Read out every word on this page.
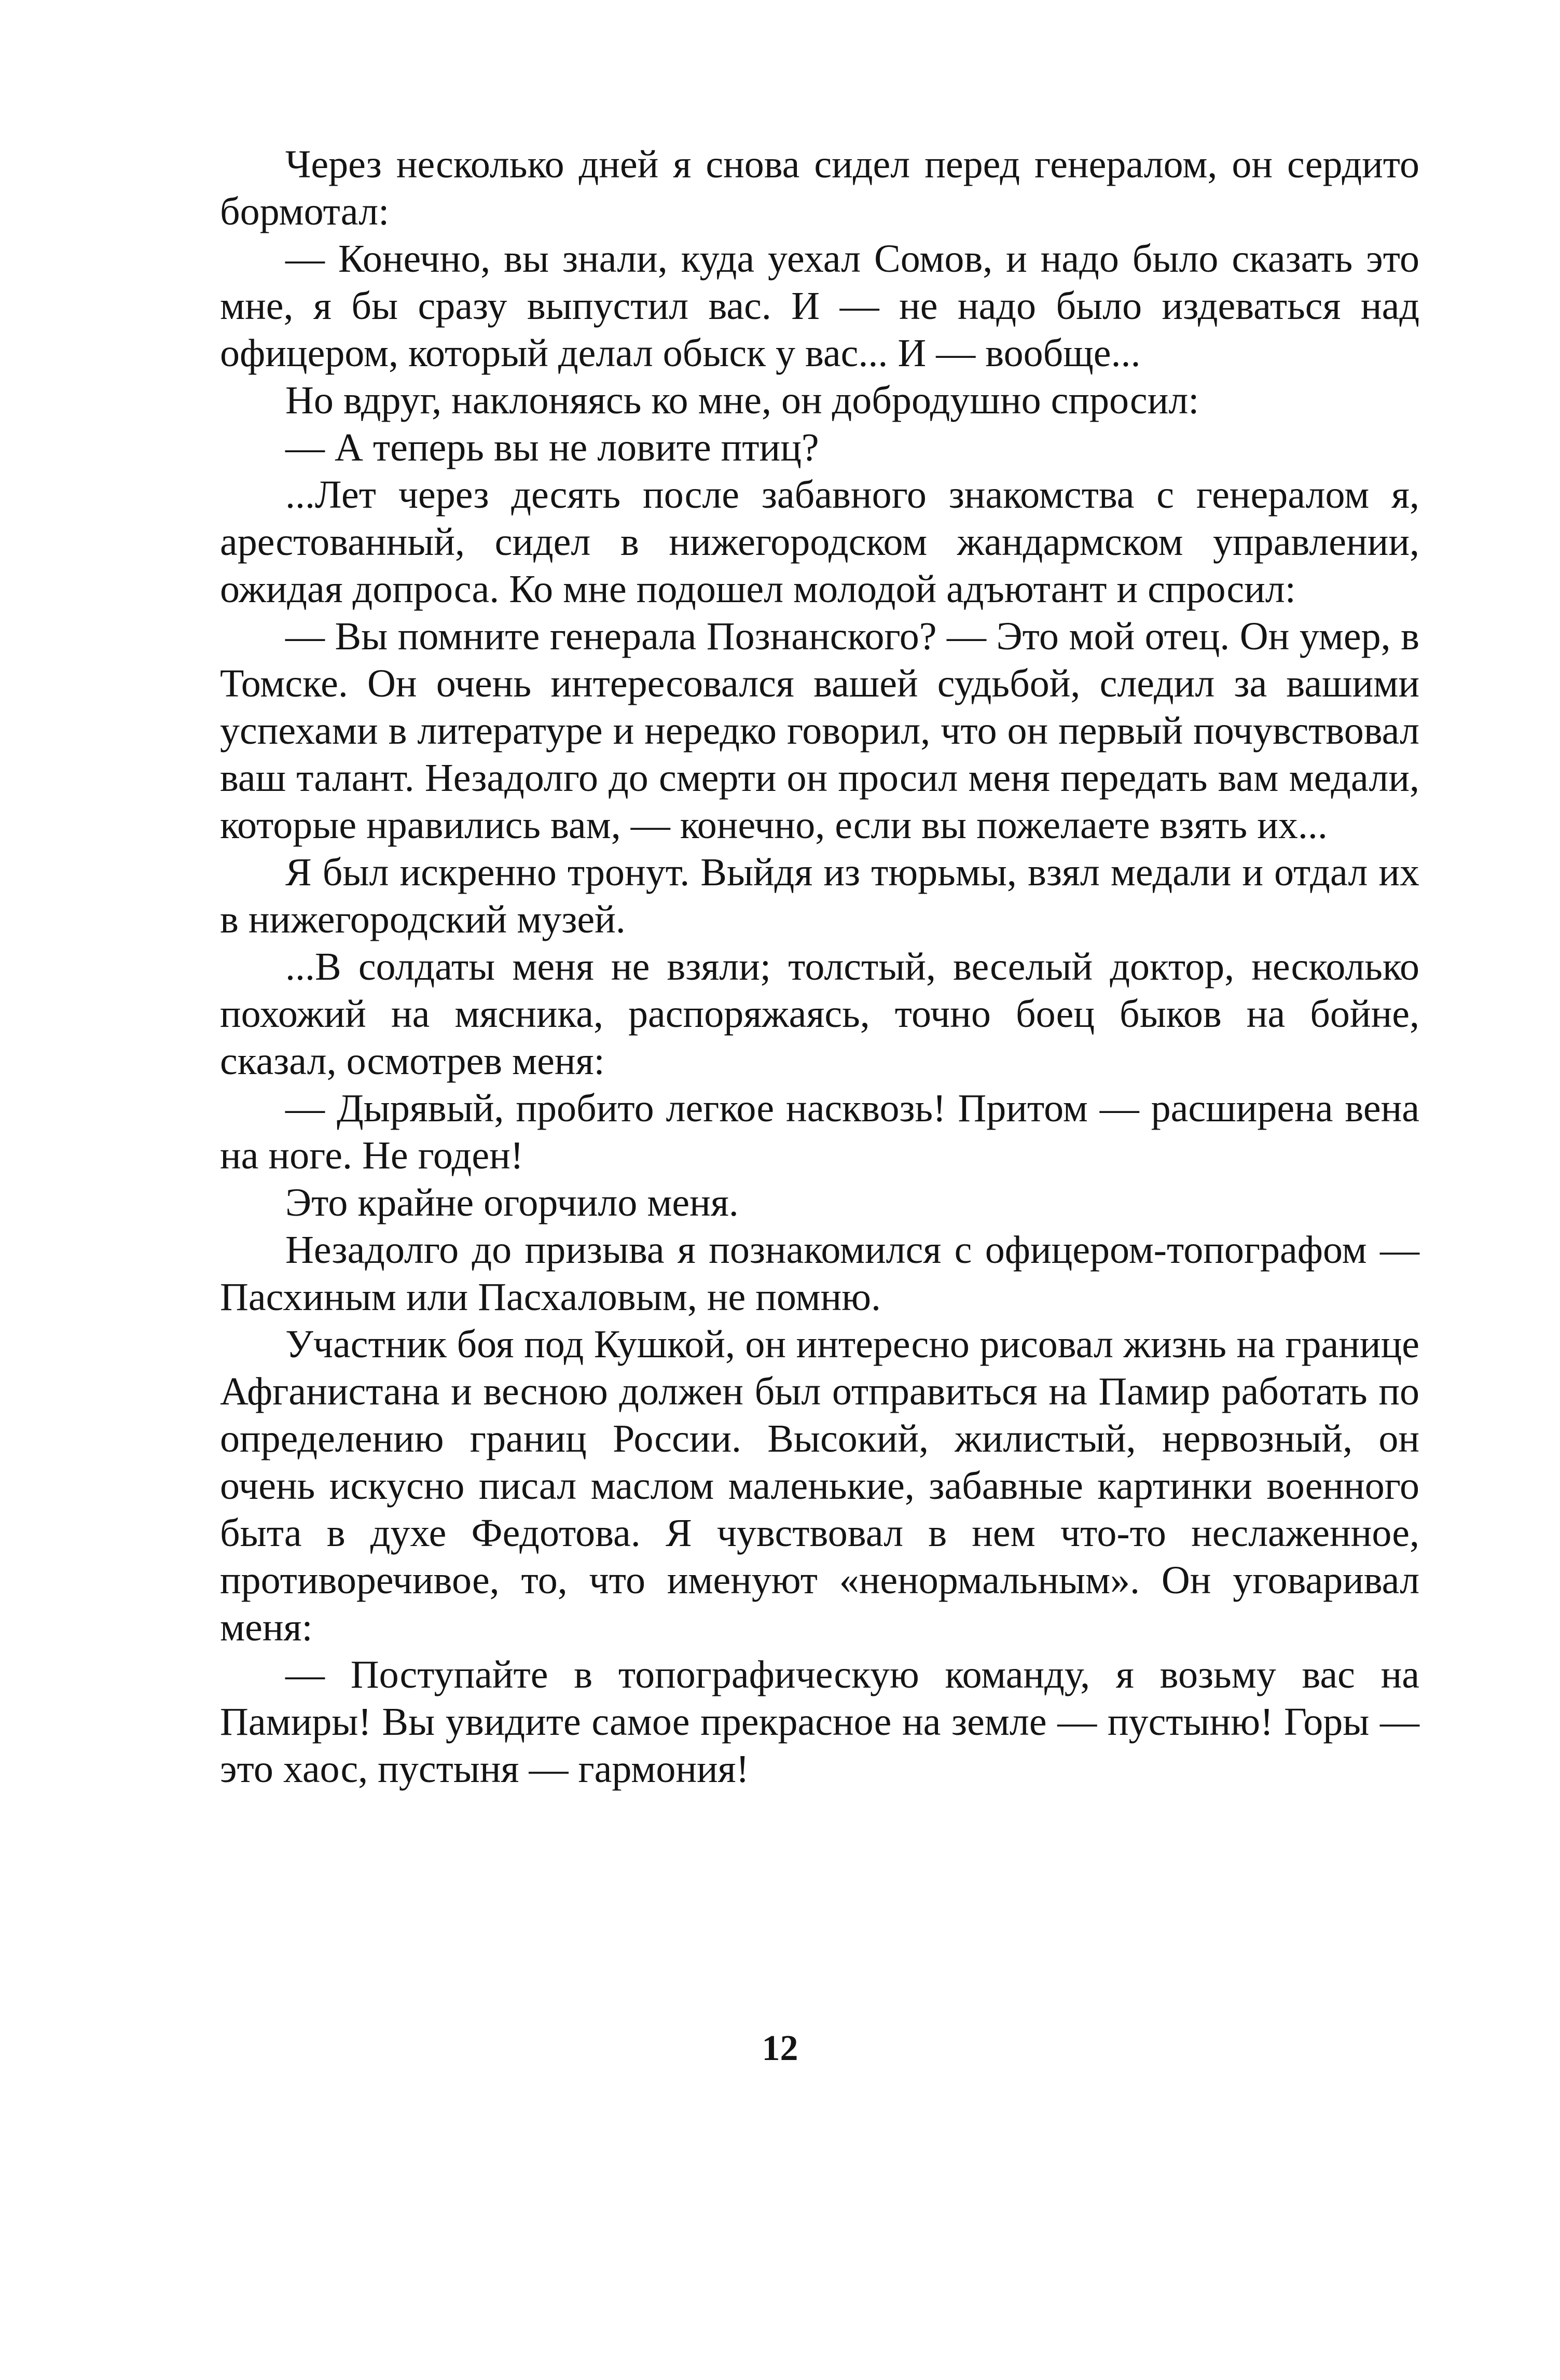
Через несколько дней я снова сидел перед генералом, он сердито бормотал:

— Конечно, вы знали, куда уехал Сомов, и надо было сказать это мне, я бы сразу выпустил вас. И — не надо было издеваться над офицером, который делал обыск у вас... И — вообще...

Но вдруг, наклоняясь ко мне, он добродушно спросил:

— А теперь вы не ловите птиц?

...Лет через десять после забавного знакомства с генералом я, арестованный, сидел в нижегородском жандармском управлении, ожидая допроса. Ко мне подошел молодой адъютант и спросил:

— Вы помните генерала Познанского? — Это мой отец. Он умер, в Томске. Он очень интересовался вашей судьбой, следил за вашими успехами в литературе и нередко говорил, что он первый почувствовал ваш талант. Незадолго до смерти он просил меня передать вам медали, которые нравились вам, — конечно, если вы пожелаете взять их...

Я был искренно тронут. Выйдя из тюрьмы, взял медали и отдал их в нижегородский музей.

...В солдаты меня не взяли; толстый, веселый доктор, несколько похожий на мясника, распоряжаясь, точно боец быков на бойне, сказал, осмотрев меня:

— Дырявый, пробито легкое насквозь! Притом — расширена вена на ноге. Не годен!

Это крайне огорчило меня.

Незадолго до призыва я познакомился с офицером-топографом — Пасхиным или Пасхаловым, не помню.

Участник боя под Кушкой, он интересно рисовал жизнь на границе Афганистана и весною должен был отправиться на Памир работать по определению границ России. Высокий, жилистый, нервозный, он очень искусно писал маслом маленькие, забавные картинки военного быта в духе Федотова. Я чувствовал в нем что-то неслаженное, противоречивое, то, что именуют «ненормальным». Он уговаривал меня:

— Поступайте в топографическую команду, я возьму вас на Памиры! Вы увидите самое прекрасное на земле — пустыню! Горы — это хаос, пустыня — гармония!

12
